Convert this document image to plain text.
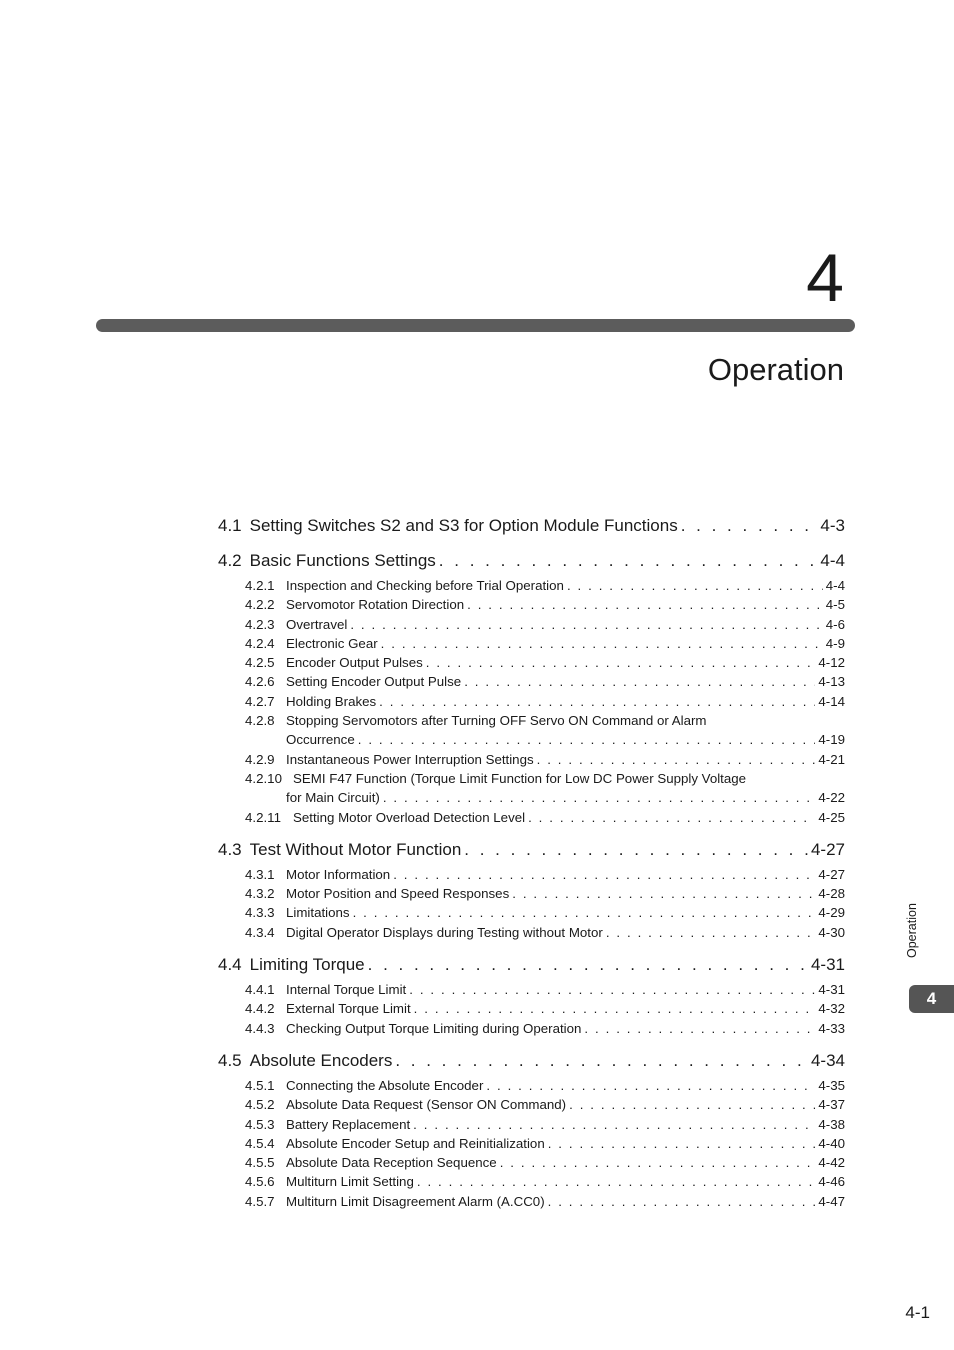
4
Operation
4.1 Setting Switches S2 and S3 for Option Module Functions . . .	4-3
4.2 Basic Functions Settings . . .	4-4
4.2.1 Inspection and Checking before Trial Operation . . .	4-4
4.2.2 Servomotor Rotation Direction . . .	4-5
4.2.3 Overtravel . . .	4-6
4.2.4 Electronic Gear . . .	4-9
4.2.5 Encoder Output Pulses . . .	4-12
4.2.6 Setting Encoder Output Pulse . . .	4-13
4.2.7 Holding Brakes . . .	4-14
4.2.8 Stopping Servomotors after Turning OFF Servo ON Command or Alarm
Occurrence . . .	4-19
4.2.9 Instantaneous Power Interruption Settings . . .	4-21
4.2.10 SEMI F47 Function (Torque Limit Function for Low DC Power Supply Voltage
for Main Circuit) . . .	4-22
4.2.11 Setting Motor Overload Detection Level . . .	4-25
4.3 Test Without Motor Function . . .	4-27
4.3.1 Motor Information . . .	4-27
4.3.2 Motor Position and Speed Responses . . .	4-28
4.3.3 Limitations . . .	4-29
4.3.4 Digital Operator Displays during Testing without Motor . . .	4-30
4.4 Limiting Torque . . .	4-31
4.4.1 Internal Torque Limit . . .	4-31
4.4.2 External Torque Limit . . .	4-32
4.4.3 Checking Output Torque Limiting during Operation . . .	4-33
4.5 Absolute Encoders . . .	4-34
4.5.1 Connecting the Absolute Encoder . . .	4-35
4.5.2 Absolute Data Request (Sensor ON Command) . . .	4-37
4.5.3 Battery Replacement . . .	4-38
4.5.4 Absolute Encoder Setup and Reinitialization . . .	4-40
4.5.5 Absolute Data Reception Sequence . . .	4-42
4.5.6 Multiturn Limit Setting . . .	4-46
4.5.7 Multiturn Limit Disagreement Alarm (A.CC0) . . .	4-47
Operation
4
4-1
